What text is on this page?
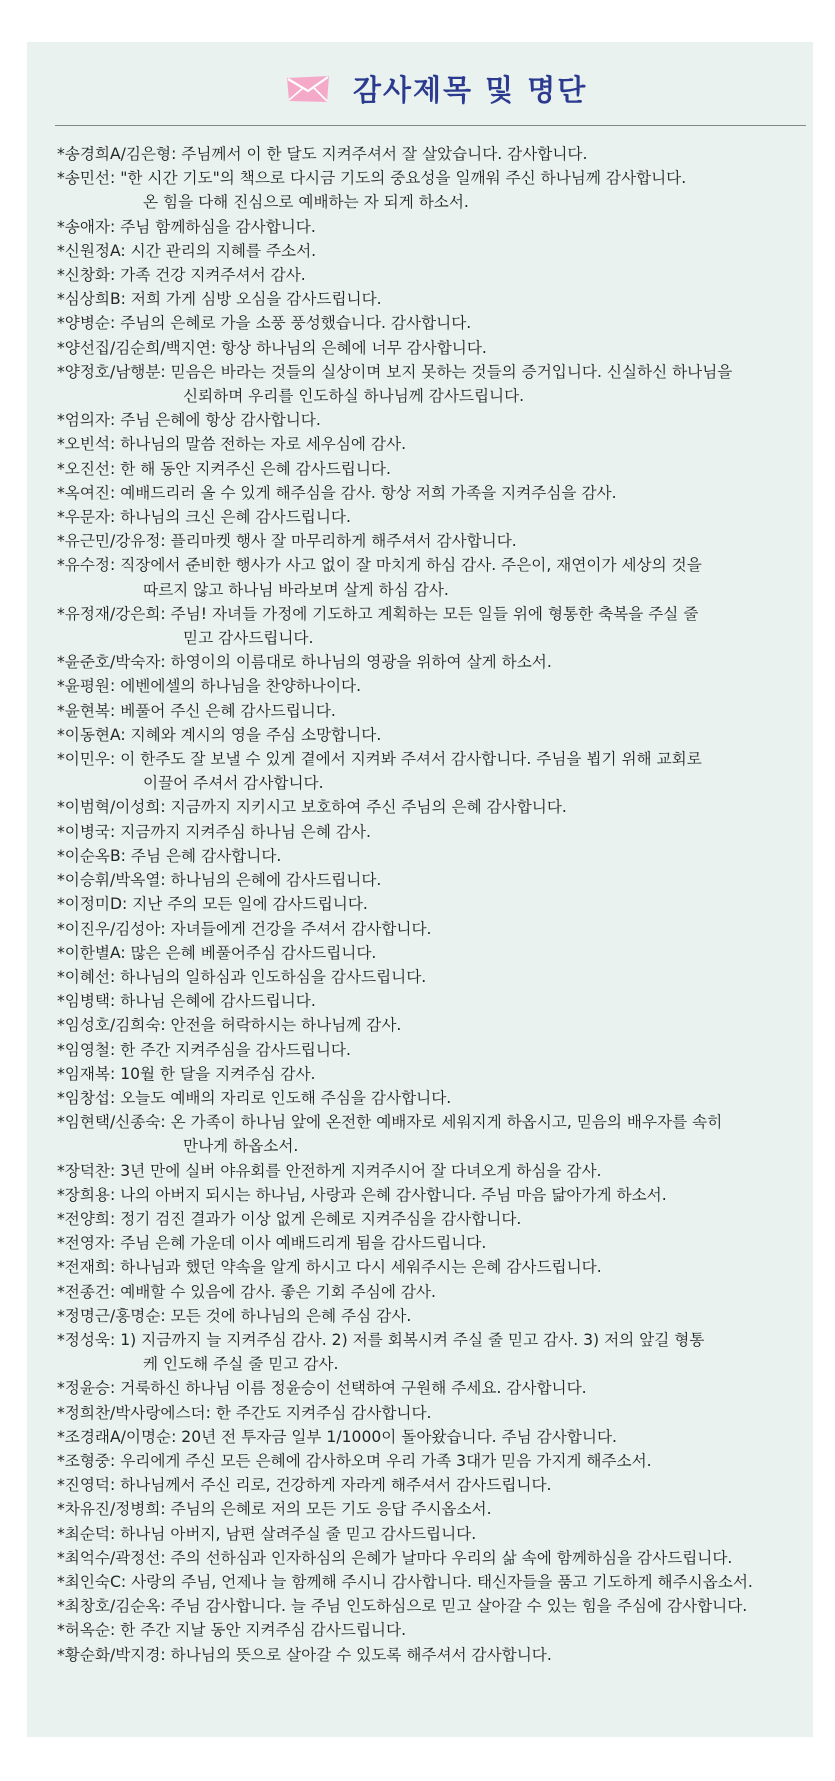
감사제목 및 명단
*송경희A/김은형: 주님께서 이 한 달도 지켜주셔서 잘 살았습니다. 감사합니다.
*송민선: "한 시간 기도"의 책으로 다시금 기도의 중요성을 일깨워 주신 하나님께 감사합니다.
온 힘을 다해 진심으로 예배하는 자 되게 하소서.
*송애자: 주님 함께하심을 감사합니다.
*신원정A: 시간 관리의 지혜를 주소서.
*신창화: 가족 건강 지켜주셔서 감사.
*심상희B: 저희 가게 심방 오심을 감사드립니다.
*양병순: 주님의 은혜로 가을 소풍 풍성했습니다. 감사합니다.
*양선집/김순희/백지연: 항상 하나님의 은혜에 너무 감사합니다.
*양정호/남행분: 믿음은 바라는 것들의 실상이며 보지 못하는 것들의 증거입니다. 신실하신 하나님을
신뢰하며 우리를 인도하실 하나님께 감사드립니다.
*엄의자: 주님 은혜에 항상 감사합니다.
*오빈석: 하나님의 말씀 전하는 자로 세우심에 감사.
*오진선: 한 해 동안 지켜주신 은혜 감사드립니다.
*옥여진: 예배드리러 올 수 있게 해주심을 감사. 항상 저희 가족을 지켜주심을 감사.
*우문자: 하나님의 크신 은혜 감사드립니다.
*유근민/강유정: 플리마켓 행사 잘 마무리하게 해주셔서 감사합니다.
*유수정: 직장에서 준비한 행사가 사고 없이 잘 마치게 하심 감사. 주은이, 재연이가 세상의 것을
따르지 않고 하나님 바라보며 살게 하심 감사.
*유정재/강은희: 주님! 자녀들 가정에 기도하고 계획하는 모든 일들 위에 형통한 축복을 주실 줄
믿고 감사드립니다.
*윤준호/박숙자: 하영이의 이름대로 하나님의 영광을 위하여 살게 하소서.
*윤평원: 에벤에셀의 하나님을 찬양하나이다.
*윤현복: 베풀어 주신 은혜 감사드립니다.
*이동현A: 지혜와 계시의 영을 주심 소망합니다.
*이민우: 이 한주도 잘 보낼 수 있게 곁에서 지켜봐 주셔서 감사합니다. 주님을 뵙기 위해 교회로
이끌어 주셔서 감사합니다.
*이범혁/이성희: 지금까지 지키시고 보호하여 주신 주님의 은혜 감사합니다.
*이병국: 지금까지 지켜주심 하나님 은혜 감사.
*이순옥B: 주님 은혜 감사합니다.
*이승휘/박옥열: 하나님의 은혜에 감사드립니다.
*이정미D: 지난 주의 모든 일에 감사드립니다.
*이진우/김성아: 자녀들에게 건강을 주셔서 감사합니다.
*이한별A: 많은 은혜 베풀어주심 감사드립니다.
*이혜선: 하나님의 일하심과 인도하심을 감사드립니다.
*임병택: 하나님 은혜에 감사드립니다.
*임성호/김희숙: 안전을 허락하시는 하나님께 감사.
*임영철: 한 주간 지켜주심을 감사드립니다.
*임재복: 10월 한 달을 지켜주심 감사.
*임창섭: 오늘도 예배의 자리로 인도해 주심을 감사합니다.
*임현택/신종숙: 온 가족이 하나님 앞에 온전한 예배자로 세워지게 하옵시고, 믿음의 배우자를 속히
만나게 하옵소서.
*장덕찬: 3년 만에 실버 야유회를 안전하게 지켜주시어 잘 다녀오게 하심을 감사.
*장희용: 나의 아버지 되시는 하나님, 사랑과 은혜 감사합니다. 주님 마음 닮아가게 하소서.
*전양희: 정기 검진 결과가 이상 없게 은혜로 지켜주심을 감사합니다.
*전영자: 주님 은혜 가운데 이사 예배드리게 됨을 감사드립니다.
*전재희: 하나님과 했던 약속을 알게 하시고 다시 세워주시는 은혜 감사드립니다.
*전종건: 예배할 수 있음에 감사. 좋은 기회 주심에 감사.
*정명근/홍명순: 모든 것에 하나님의 은혜 주심 감사.
*정성욱: 1) 지금까지 늘 지켜주심 감사. 2) 저를 회복시켜 주실 줄 믿고 감사. 3) 저의 앞길 형통
케 인도해 주실 줄 믿고 감사.
*정윤승: 거룩하신 하나님 이름 정윤승이 선택하여 구원해 주세요. 감사합니다.
*정희찬/박사랑에스더: 한 주간도 지켜주심 감사합니다.
*조경래A/이명순: 20년 전 투자금 일부 1/1000이 돌아왔습니다. 주님 감사합니다.
*조형중: 우리에게 주신 모든 은혜에 감사하오며 우리 가족 3대가 믿음 가지게 해주소서.
*진영덕: 하나님께서 주신 리로, 건강하게 자라게 해주셔서 감사드립니다.
*차유진/정병희: 주님의 은혜로 저의 모든 기도 응답 주시옵소서.
*최순덕: 하나님 아버지, 남편 살려주실 줄 믿고 감사드립니다.
*최억수/곽정선: 주의 선하심과 인자하심의 은혜가 날마다 우리의 삶 속에 함께하심을 감사드립니다.
*최인숙C: 사랑의 주님, 언제나 늘 함께해 주시니 감사합니다. 태신자들을 품고 기도하게 해주시옵소서.
*최창호/김순옥: 주님 감사합니다. 늘 주님 인도하심으로 믿고 살아갈 수 있는 힘을 주심에 감사합니다.
*허옥순: 한 주간 지날 동안 지켜주심 감사드립니다.
*황순화/박지경: 하나님의 뜻으로 살아갈 수 있도록 해주셔서 감사합니다.
